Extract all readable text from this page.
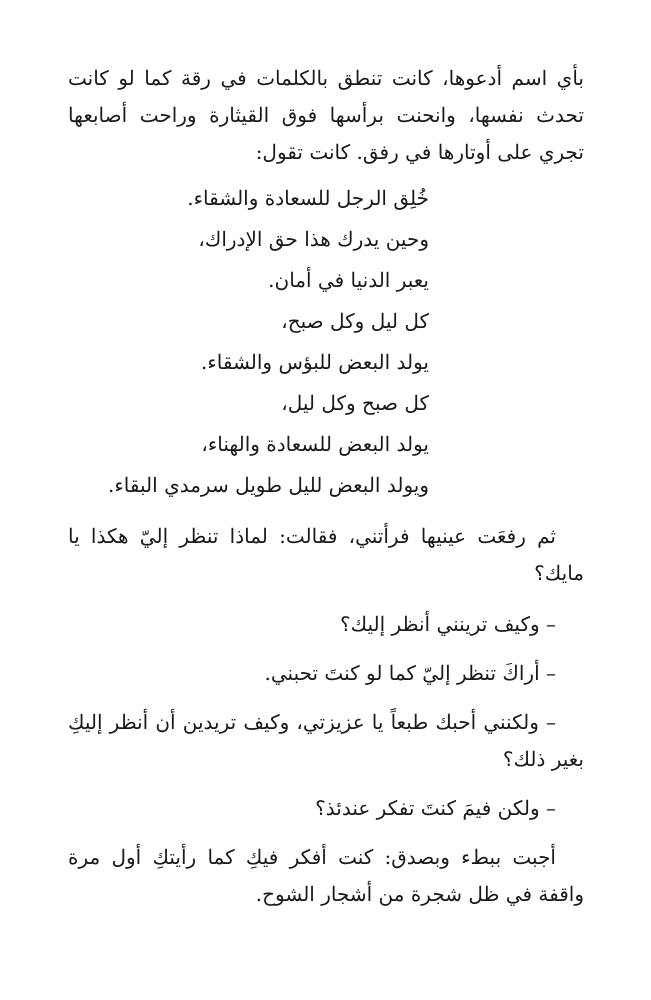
بأي اسم أدعوها، كانت تنطق بالكلمات في رقة كما لو كانت تحدث نفسها، وانحنت برأسها فوق القيثارة وراحت أصابعها تجري على أوتارها في رفق. كانت تقول:

خُلِق الرجل للسعادة والشقاء.
وحين يدرك هذا حق الإدراك،
يعبر الدنيا في أمان.
كل ليل وكل صبح،
يولد البعض للبؤس والشقاء.
كل صبح وكل ليل،
يولد البعض للسعادة والهناء،
ويولد البعض لليل طويل سرمدي البقاء.

ثم رفعَت عينيها فرأتني، فقالت: لماذا تنظر إليّ هكذا يا مايك؟

– وكيف ترينني أنظر إليك؟

– أراكَ تنظر إليّ كما لو كنتَ تحبني.

– ولكنني أحبك طبعاً يا عزيزتي، وكيف تريدين أن أنظر إليكِ بغير ذلك؟

– ولكن فيمَ كنتَ تفكر عندئذ؟

أجبت ببطء وبصدق: كنت أفكر فيكِ كما رأيتكِ أول مرة واقفة في ظل شجرة من أشجار الشوح.
